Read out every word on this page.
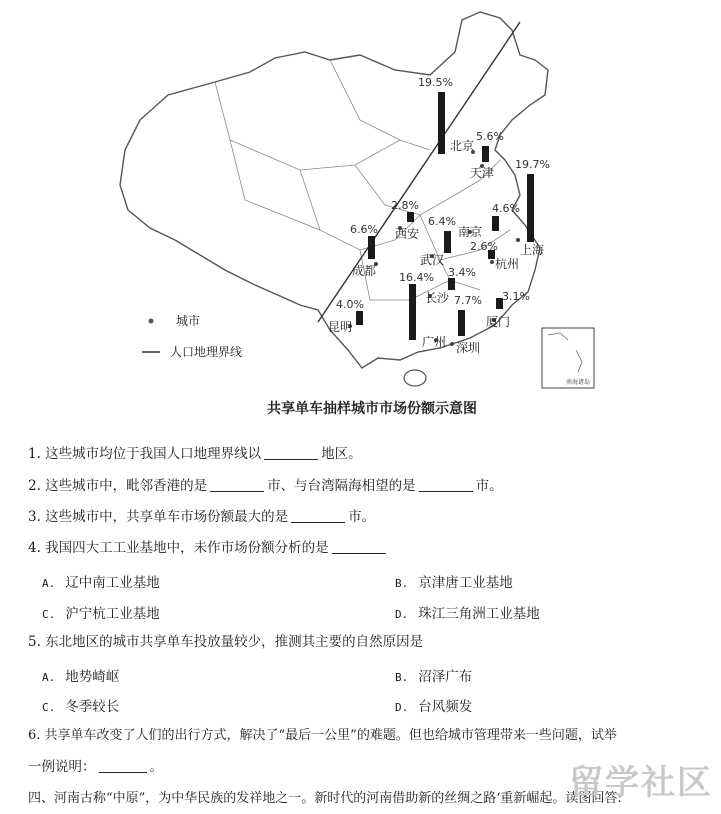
北京
天津
上海
南京
杭州
武汉
西安
成都
昆明
长沙
广州 深圳
厦门
5.6%
19.7%
6.4%
2.6%
3.4%
2.8%
6.6%
4.0%
16.4%
7.7% 3.1%
19.5%
4.6%
城市
人口地理界线
南海诸岛
共享单车抽样城市市场份额示意图
1. 这些城市均位于我国人口地理界线以	地区。
2. 这些城市中，毗邻香港的是	市、与台湾隔海相望的是	市。
3. 这些城市中，共享单车市场份额最大的是	市。
4. 我国四大工工业基地中，未作市场份额分析的是
A. 辽中南工业基地	B. 京津唐工业基地
C. 沪宁杭工业基地	D. 珠江三角洲工业基地
5. 东北地区的城市共享单车投放量较少，推测其主要的自然原因是
A. 地势崎岖	B. 沼泽广布
C. 冬季较长	D. 台风频发
6. 共享单车改变了人们的出行方式，解决了“最后一公里”的难题。但也给城市管理带来一些问题，试举
一例说明：	。
四、河南古称“中原”，为中华民族的发祥地之一。新时代的河南借助新的丝绸之路‘重新崛起。读图回答:
留学社区
